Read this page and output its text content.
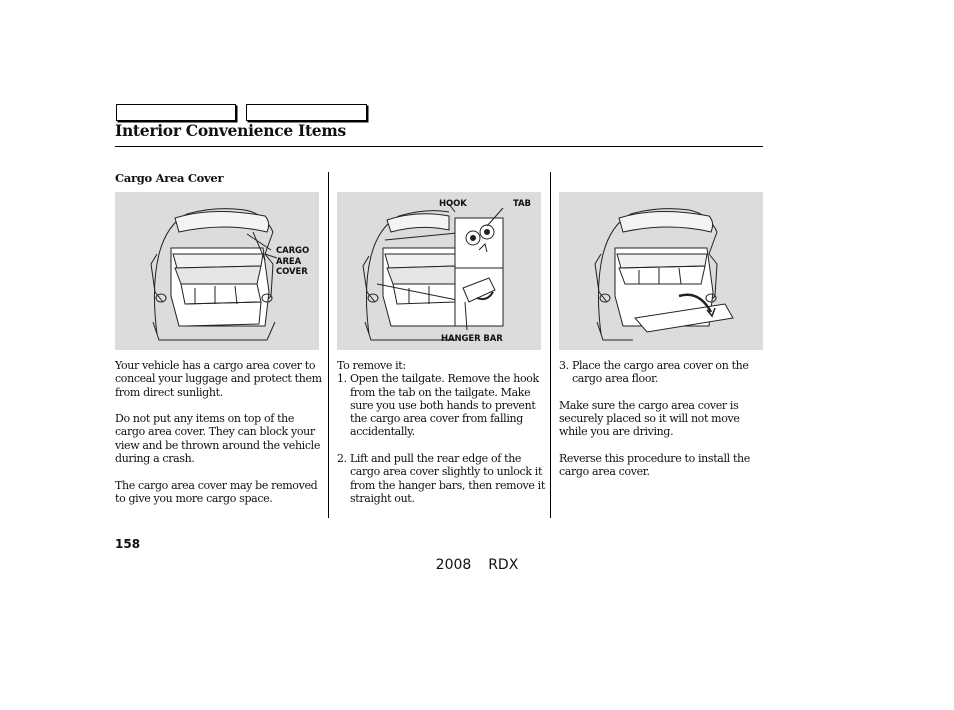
Interior Convenience Items
Cargo Area Cover
CARGO
AREA
COVER
HOOK	TAB
HANGER BAR

Your vehicle has a cargo area cover to conceal your luggage and protect them from direct sunlight.

Do not put any items on top of the cargo area cover. They can block your view and be thrown around the vehicle during a crash.

The cargo area cover may be removed to give you more cargo space.

To remove it:

1. Open the tailgate. Remove the hook from the tab on the tailgate. Make sure you use both hands to prevent the cargo area cover from falling accidentally.

2. Lift and pull the rear edge of the cargo area cover slightly to unlock it from the hanger bars, then remove it straight out.

3. Place the cargo area cover on the cargo area floor.

Make sure the cargo area cover is securely placed so it will not move while you are driving.

Reverse this procedure to install the cargo area cover.

158
2008  RDX
